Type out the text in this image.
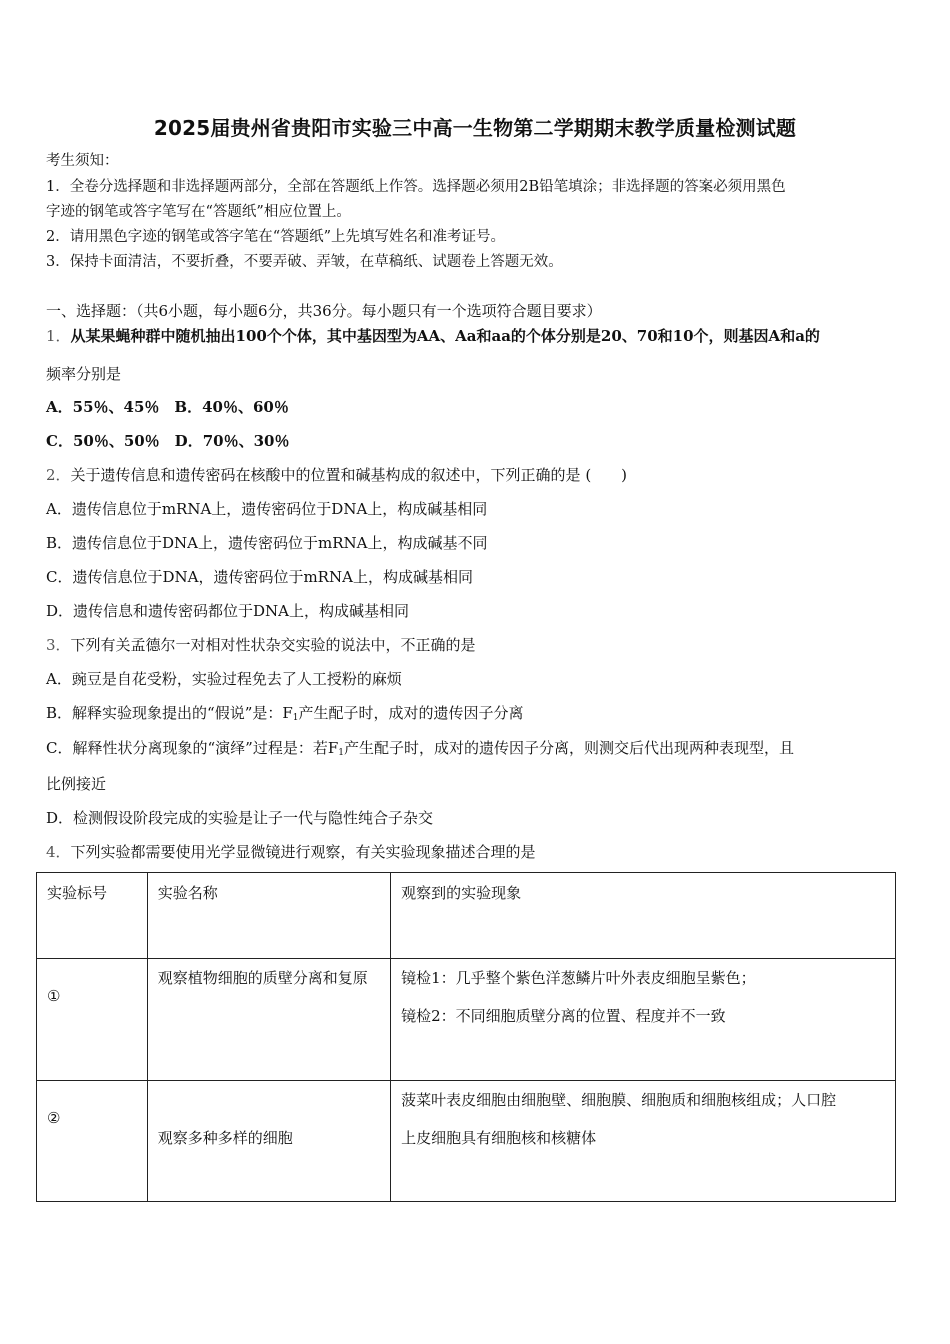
2025届贵州省贵阳市实验三中高一生物第二学期期末教学质量检测试题
考生须知：
1．全卷分选择题和非选择题两部分，全部在答题纸上作答。选择题必须用2B铅笔填涂；非选择题的答案必须用黑色
字迹的钢笔或答字笔写在“答题纸”相应位置上。
2．请用黑色字迹的钢笔或答字笔在“答题纸”上先填写姓名和准考证号。
3．保持卡面清洁，不要折叠，不要弄破、弄皱，在草稿纸、试题卷上答题无效。
一、选择题：（共6小题，每小题6分，共36分。每小题只有一个选项符合题目要求）
1．从某果蝇种群中随机抽出100个个体，其中基因型为AA、Aa和aa的个体分别是20、70和10个，则基因A和a的
频率分别是
A．55％、45％　B．40％、60％
C．50％、50％　D．70％、30％
2．关于遗传信息和遗传密码在核酸中的位置和碱基构成的叙述中，下列正确的是 (　　)
A．遗传信息位于mRNA上，遗传密码位于DNA上，构成碱基相同
B．遗传信息位于DNA上，遗传密码位于mRNA上，构成碱基不同
C．遗传信息位于DNA，遗传密码位于mRNA上，构成碱基相同
D．遗传信息和遗传密码都位于DNA上，构成碱基相同
3．下列有关孟德尔一对相对性状杂交实验的说法中，不正确的是
A．豌豆是自花受粉，实验过程免去了人工授粉的麻烦
B．解释实验现象提出的“假说”是：$F_1$产生配子时，成对的遗传因子分离
C．解释性状分离现象的“演绎”过程是：若$F_1$产生配子时，成对的遗传因子分离，则测交后代出现两种表现型，且
比例接近
D．检测假设阶段完成的实验是让子一代与隐性纯合子杂交
4．下列实验都需要使用光学显微镜进行观察，有关实验现象描述合理的是
实验标号	实验名称	观察到的实验现象

①	观察植物细胞的质壁分离和复原	镜检1：几乎整个紫色洋葱鳞片叶外表皮细胞呈紫色；
镜检2：不同细胞质壁分离的位置、程度并不一致

②	观察多种多样的细胞	菠菜叶表皮细胞由细胞壁、细胞膜、细胞质和细胞核组成；人口腔
上皮细胞具有细胞核和核糖体
